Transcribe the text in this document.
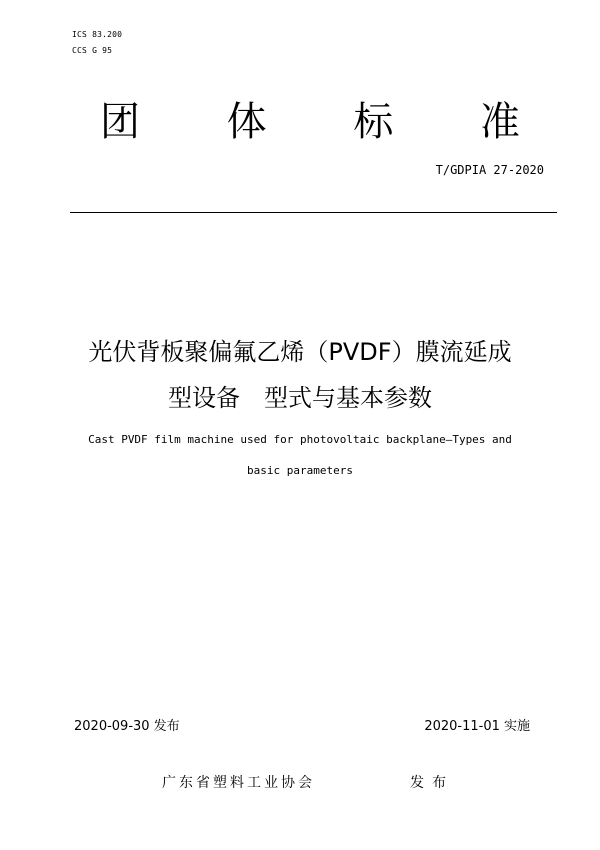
ICS 83.200
CCS G 95
团 体 标 准
T/GDPIA 27-2020
光伏背板聚偏氟乙烯（PVDF）膜流延成
型设备　型式与基本参数
Cast PVDF film machine used for photovoltaic backplane—Types and
basic parameters
2020-09-30 发布	2020-11-01 实施
广东省塑料工业协会	发布
